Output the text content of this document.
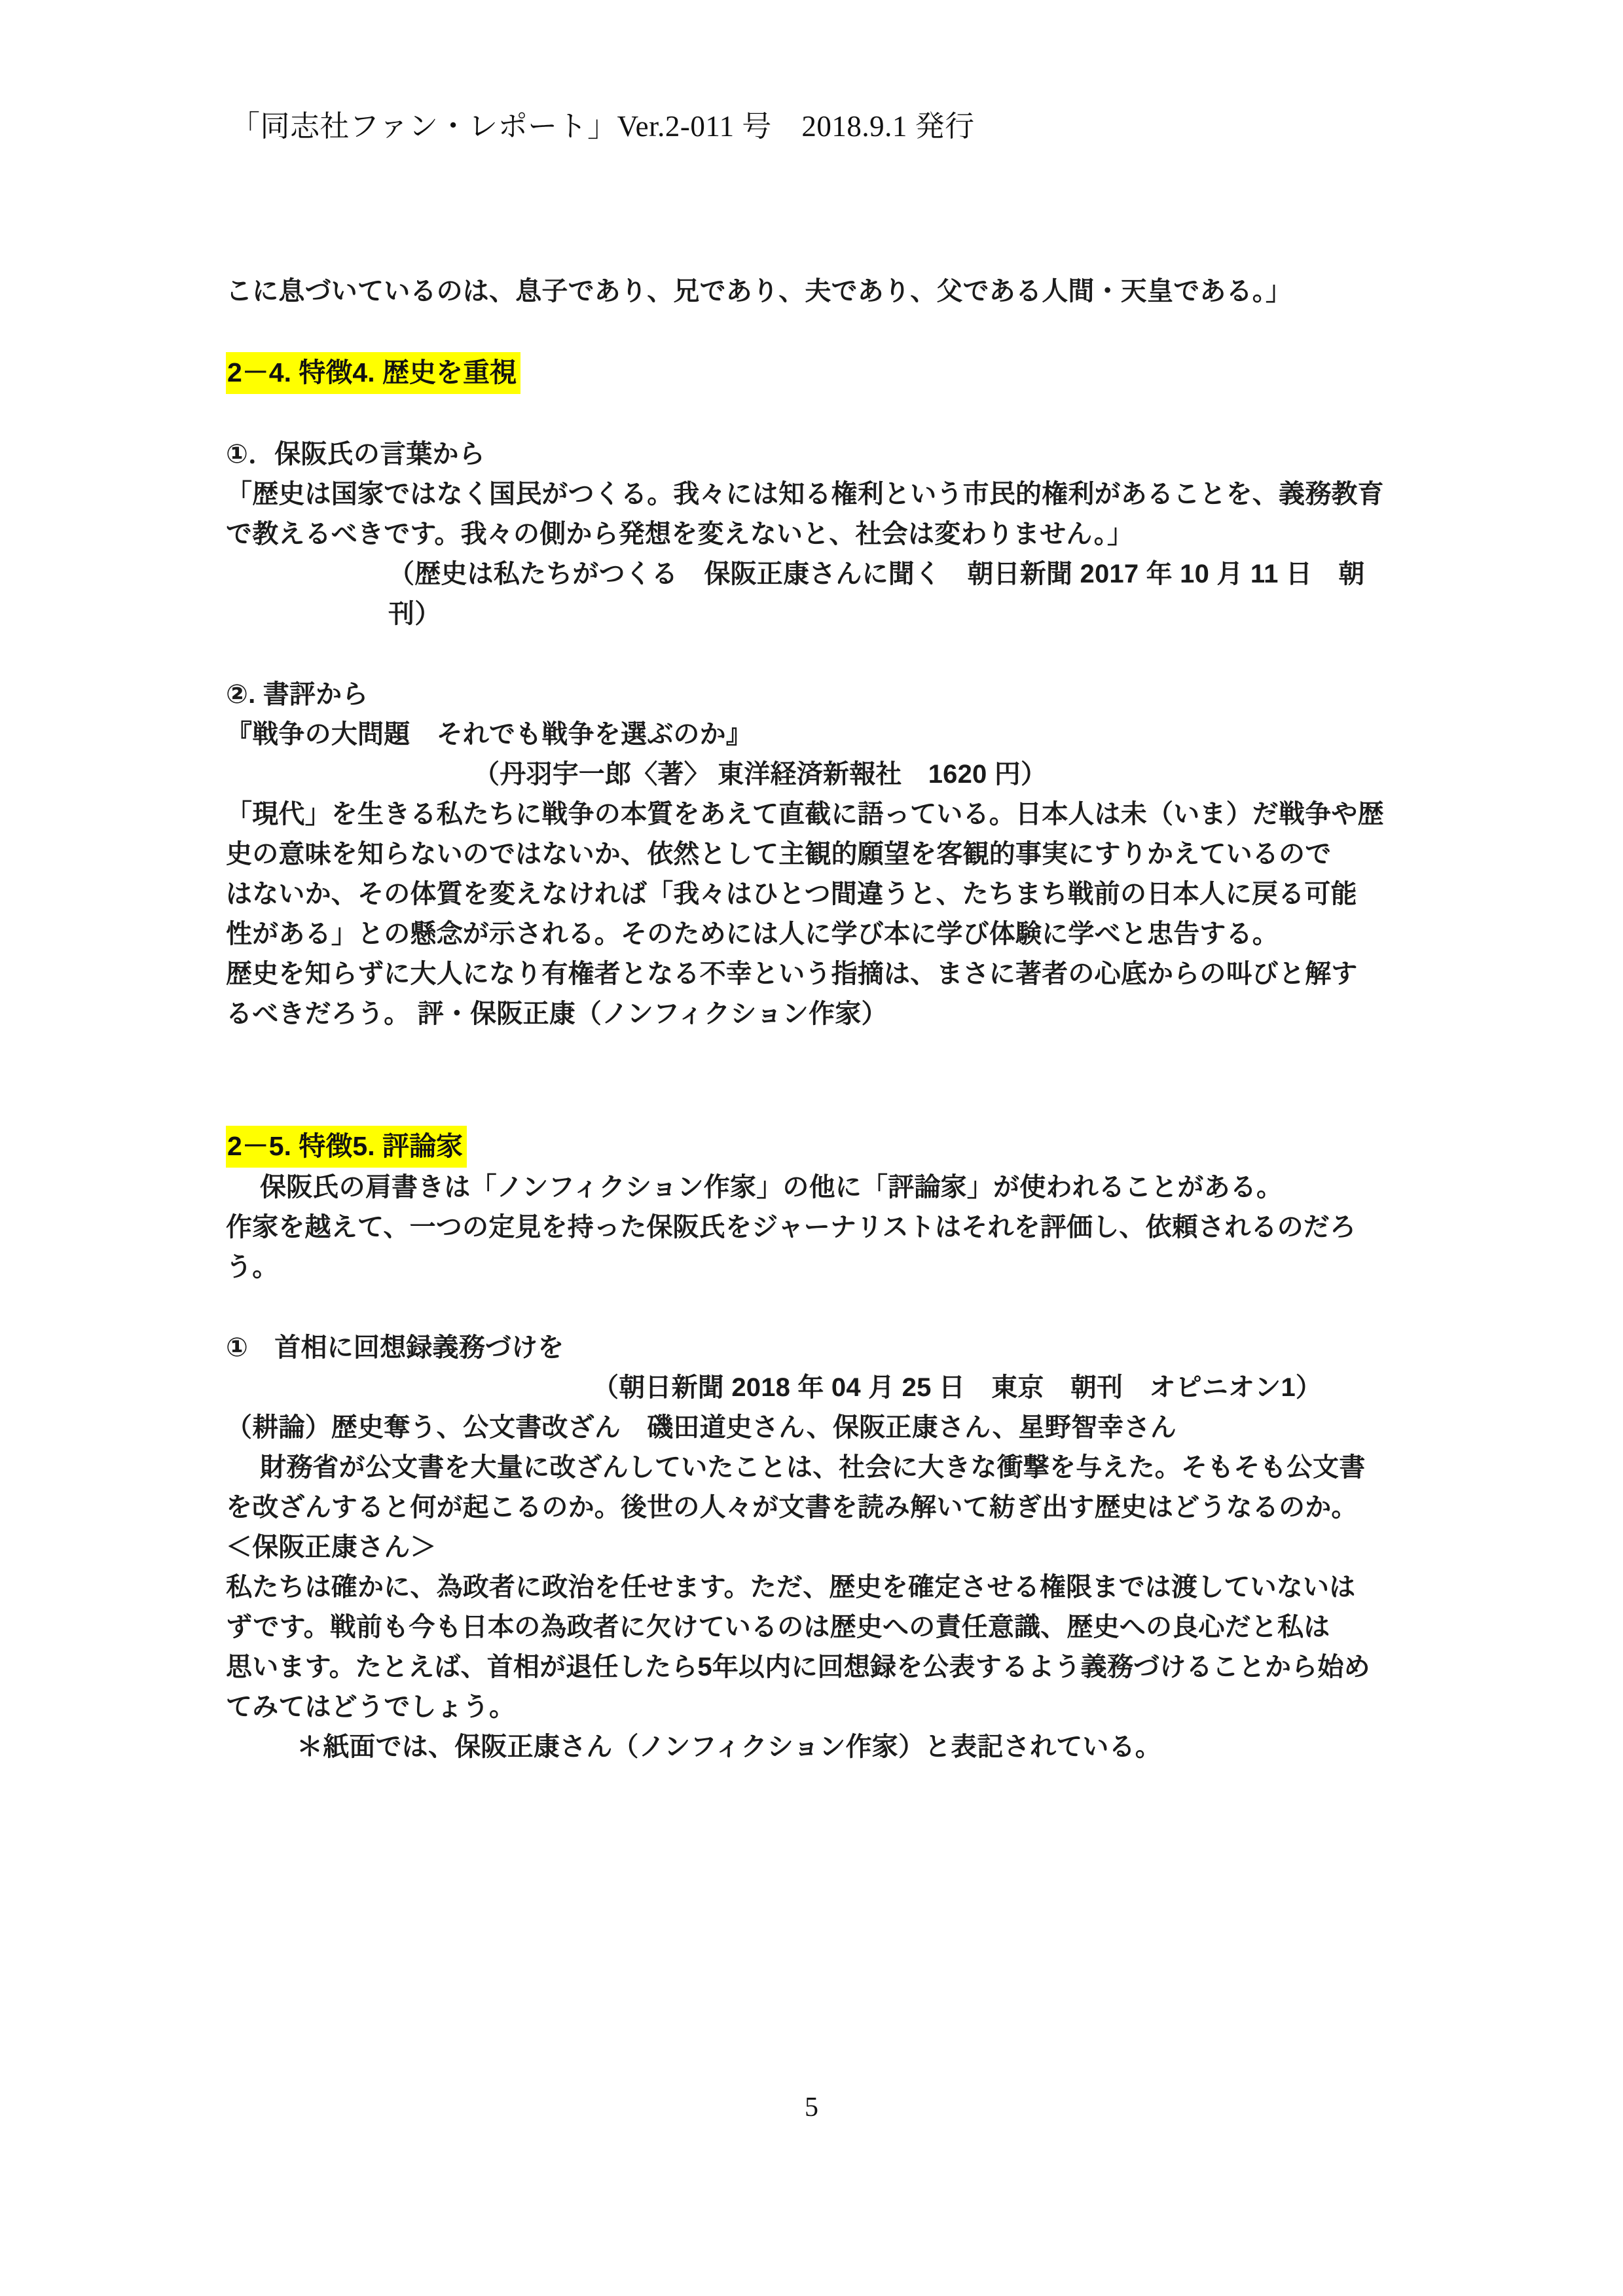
「同志社ファン・レポート」Ver.2-011 号　2018.9.1 発行

こに息づいているのは、息子であり、兄であり、夫であり、父である人間・天皇である。」

2－4. 特徴4. 歴史を重視

①．保阪氏の言葉から

「歴史は国家ではなく国民がつくる。我々には知る権利という市民的権利があることを、義務教育

で教えるべきです。我々の側から発想を変えないと、社会は変わりません。」

（歴史は私たちがつくる　保阪正康さんに聞く　朝日新聞 2017 年 10 月 11 日　朝刊）

②. 書評から

『戦争の大問題　それでも戦争を選ぶのか』

（丹羽宇一郎〈著〉 東洋経済新報社　1620 円）

「現代」を生きる私たちに戦争の本質をあえて直截に語っている。日本人は未（いま）だ戦争や歴

史の意味を知らないのではないか、依然として主観的願望を客観的事実にすりかえているので

はないか、その体質を変えなければ「我々はひとつ間違うと、たちまち戦前の日本人に戻る可能

性がある」との懸念が示される。そのためには人に学び本に学び体験に学べと忠告する。

歴史を知らずに大人になり有権者となる不幸という指摘は、まさに著者の心底からの叫びと解す

るべきだろう。 評・保阪正康（ノンフィクション作家）

2－5. 特徴5. 評論家

保阪氏の肩書きは「ノンフィクション作家」の他に「評論家」が使われることがある。

作家を越えて、一つの定見を持った保阪氏をジャーナリストはそれを評価し、依頼されるのだろ

う。

①　首相に回想録義務づけを

（朝日新聞 2018 年 04 月 25 日　東京　朝刊　オピニオン1）

（耕論）歴史奪う、公文書改ざん　磯田道史さん、保阪正康さん、星野智幸さん

財務省が公文書を大量に改ざんしていたことは、社会に大きな衝撃を与えた。そもそも公文書

を改ざんすると何が起こるのか。後世の人々が文書を読み解いて紡ぎ出す歴史はどうなるのか。

＜保阪正康さん＞

私たちは確かに、為政者に政治を任せます。ただ、歴史を確定させる権限までは渡していないは

ずです。戦前も今も日本の為政者に欠けているのは歴史への責任意識、歴史への良心だと私は

思います。たとえば、首相が退任したら5年以内に回想録を公表するよう義務づけることから始め

てみてはどうでしょう。

＊紙面では、保阪正康さん（ノンフィクション作家）と表記されている。

5
